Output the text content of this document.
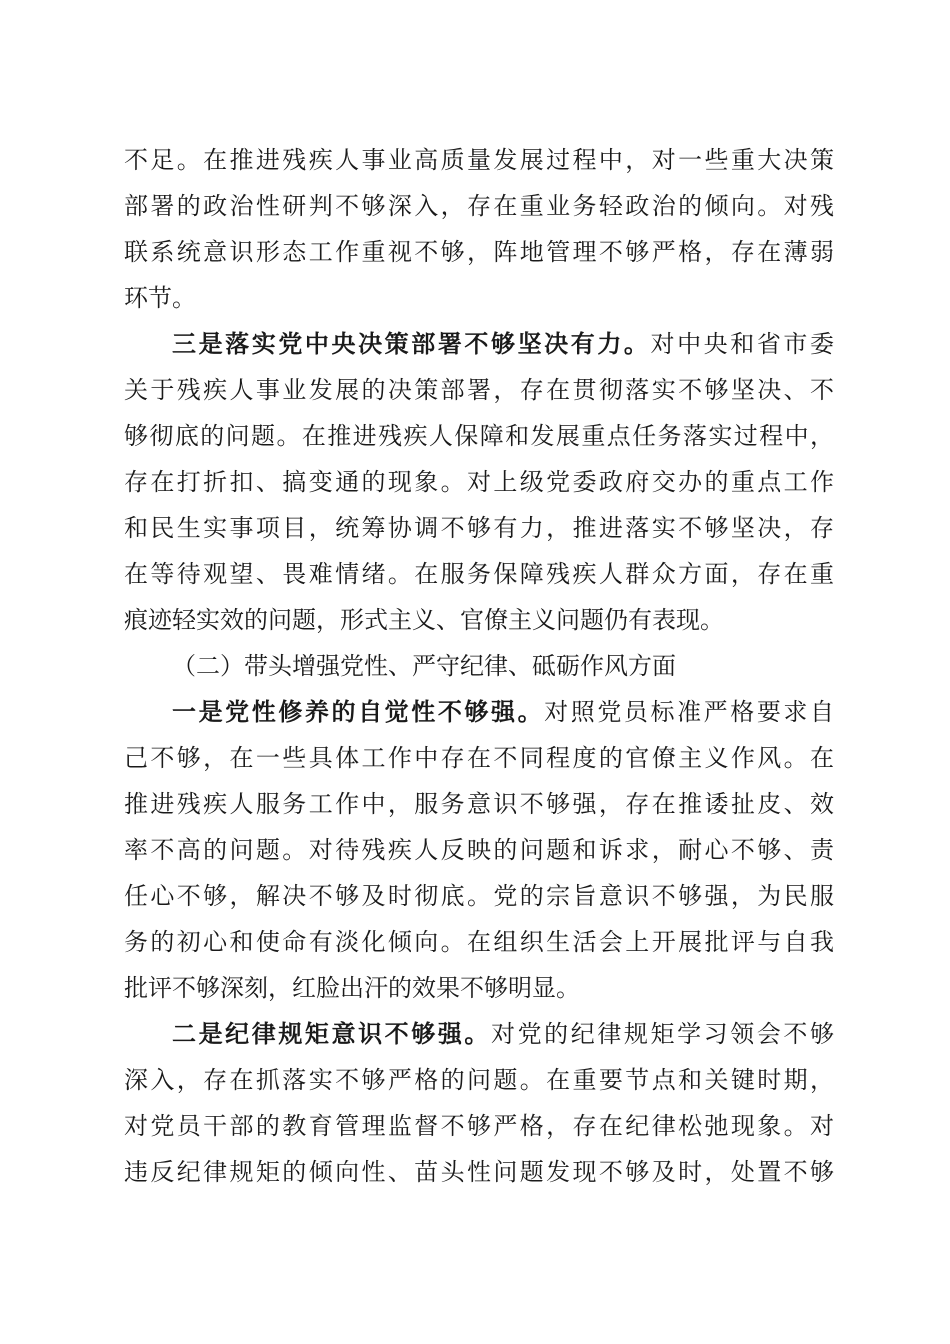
不足。在推进残疾人事业高质量发展过程中，对一些重大决策
部署的政治性研判不够深入，存在重业务轻政治的倾向。对残
联系统意识形态工作重视不够，阵地管理不够严格，存在薄弱
环节。
三是落实党中央决策部署不够坚决有力。对中央和省市委
关于残疾人事业发展的决策部署，存在贯彻落实不够坚决、不
够彻底的问题。在推进残疾人保障和发展重点任务落实过程中，
存在打折扣、搞变通的现象。对上级党委政府交办的重点工作
和民生实事项目，统筹协调不够有力，推进落实不够坚决，存
在等待观望、畏难情绪。在服务保障残疾人群众方面，存在重
痕迹轻实效的问题，形式主义、官僚主义问题仍有表现。
（二）带头增强党性、严守纪律、砥砺作风方面
一是党性修养的自觉性不够强。对照党员标准严格要求自
己不够，在一些具体工作中存在不同程度的官僚主义作风。在
推进残疾人服务工作中，服务意识不够强，存在推诿扯皮、效
率不高的问题。对待残疾人反映的问题和诉求，耐心不够、责
任心不够，解决不够及时彻底。党的宗旨意识不够强，为民服
务的初心和使命有淡化倾向。在组织生活会上开展批评与自我
批评不够深刻，红脸出汗的效果不够明显。
二是纪律规矩意识不够强。对党的纪律规矩学习领会不够
深入，存在抓落实不够严格的问题。在重要节点和关键时期，
对党员干部的教育管理监督不够严格，存在纪律松弛现象。对
违反纪律规矩的倾向性、苗头性问题发现不够及时，处置不够
